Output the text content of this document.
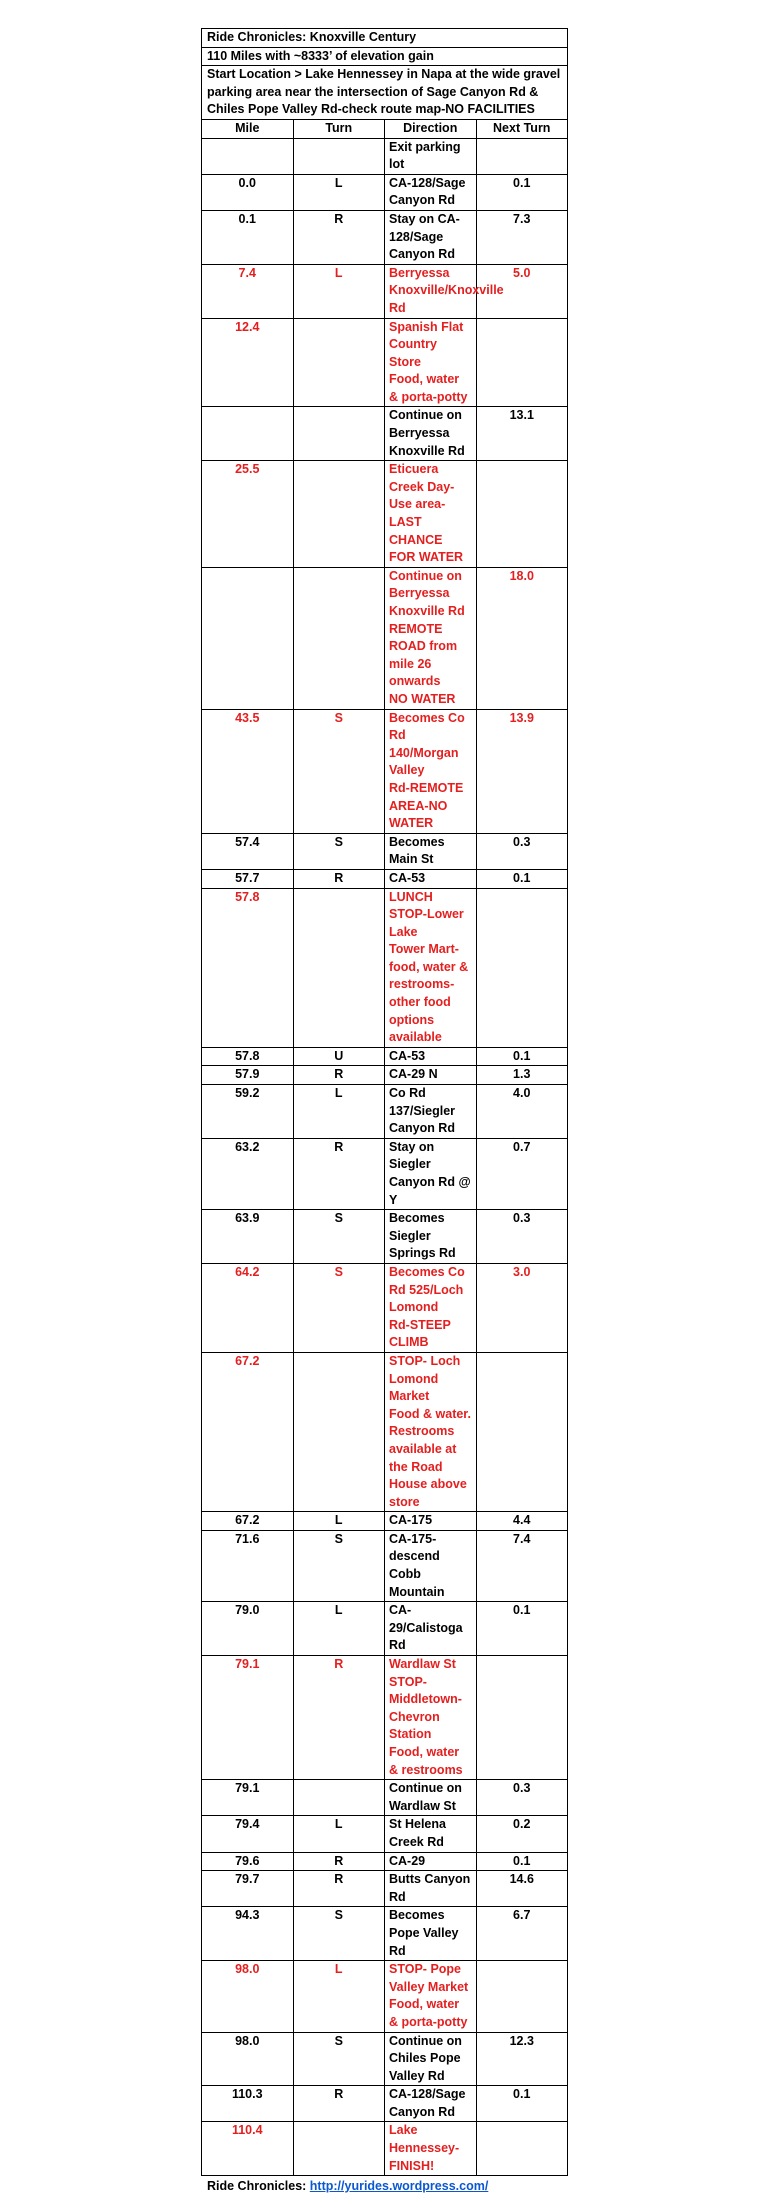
Ride Chronicles: Knoxville Century			
110 Miles with ~8333’ of elevation gain			
Start Location > Lake Hennessey in Napa at the wide gravel parking area near the intersection of Sage Canyon Rd & Chiles Pope Valley Rd-check route map-NO FACILITIES			
Mile	Turn	Direction	Next Turn

		Exit parking lot	

0.0	L	CA-128/Sage Canyon Rd	0.1
0.1	R	Stay on CA-128/Sage Canyon Rd	7.3
7.4	L	Berryessa Knoxville/Knoxville Rd	5.0
12.4		Spanish Flat Country Store
Food, water & porta-potty	

		Continue on Berryessa Knoxville Rd	13.1
25.5		Eticuera Creek Day-Use area-LAST
CHANCE FOR WATER	

		Continue on Berryessa Knoxville Rd
REMOTE ROAD from mile 26 onwards
NO WATER	18.0
43.5	S	Becomes Co Rd 140/Morgan Valley
Rd-REMOTE AREA-NO WATER	13.9
57.4	S	Becomes Main St	0.3
57.7	R	CA-53	0.1
57.8		LUNCH STOP-Lower Lake
Tower Mart-food, water &
restrooms-other food options
available	

57.8	U	CA-53	0.1
57.9	R	CA-29 N	1.3
59.2	L	Co Rd 137/Siegler Canyon Rd	4.0
63.2	R	Stay on Siegler Canyon Rd @ Y	0.7
63.9	S	Becomes Siegler Springs Rd	0.3
64.2	S	Becomes Co Rd 525/Loch Lomond
Rd-STEEP CLIMB	3.0
67.2		STOP- Loch Lomond Market
Food & water. Restrooms available at
the Road House above store	

67.2	L	CA-175	4.4
71.6	S	CA-175-descend Cobb Mountain	7.4
79.0	L	CA-29/Calistoga Rd	0.1
79.1	R	Wardlaw St
STOP-Middletown-Chevron Station
Food, water & restrooms	

79.1		Continue on Wardlaw St	0.3
79.4	L	St Helena Creek Rd	0.2
79.6	R	CA-29	0.1
79.7	R	Butts Canyon Rd	14.6
94.3	S	Becomes Pope Valley Rd	6.7
98.0	L	STOP- Pope Valley Market
Food, water & porta-potty	

98.0	S	Continue on Chiles Pope Valley Rd	12.3
110.3	R	CA-128/Sage Canyon Rd	0.1
110.4		Lake Hennessey-FINISH!	

Ride Chronicles: http://yurides.wordpress.com/
